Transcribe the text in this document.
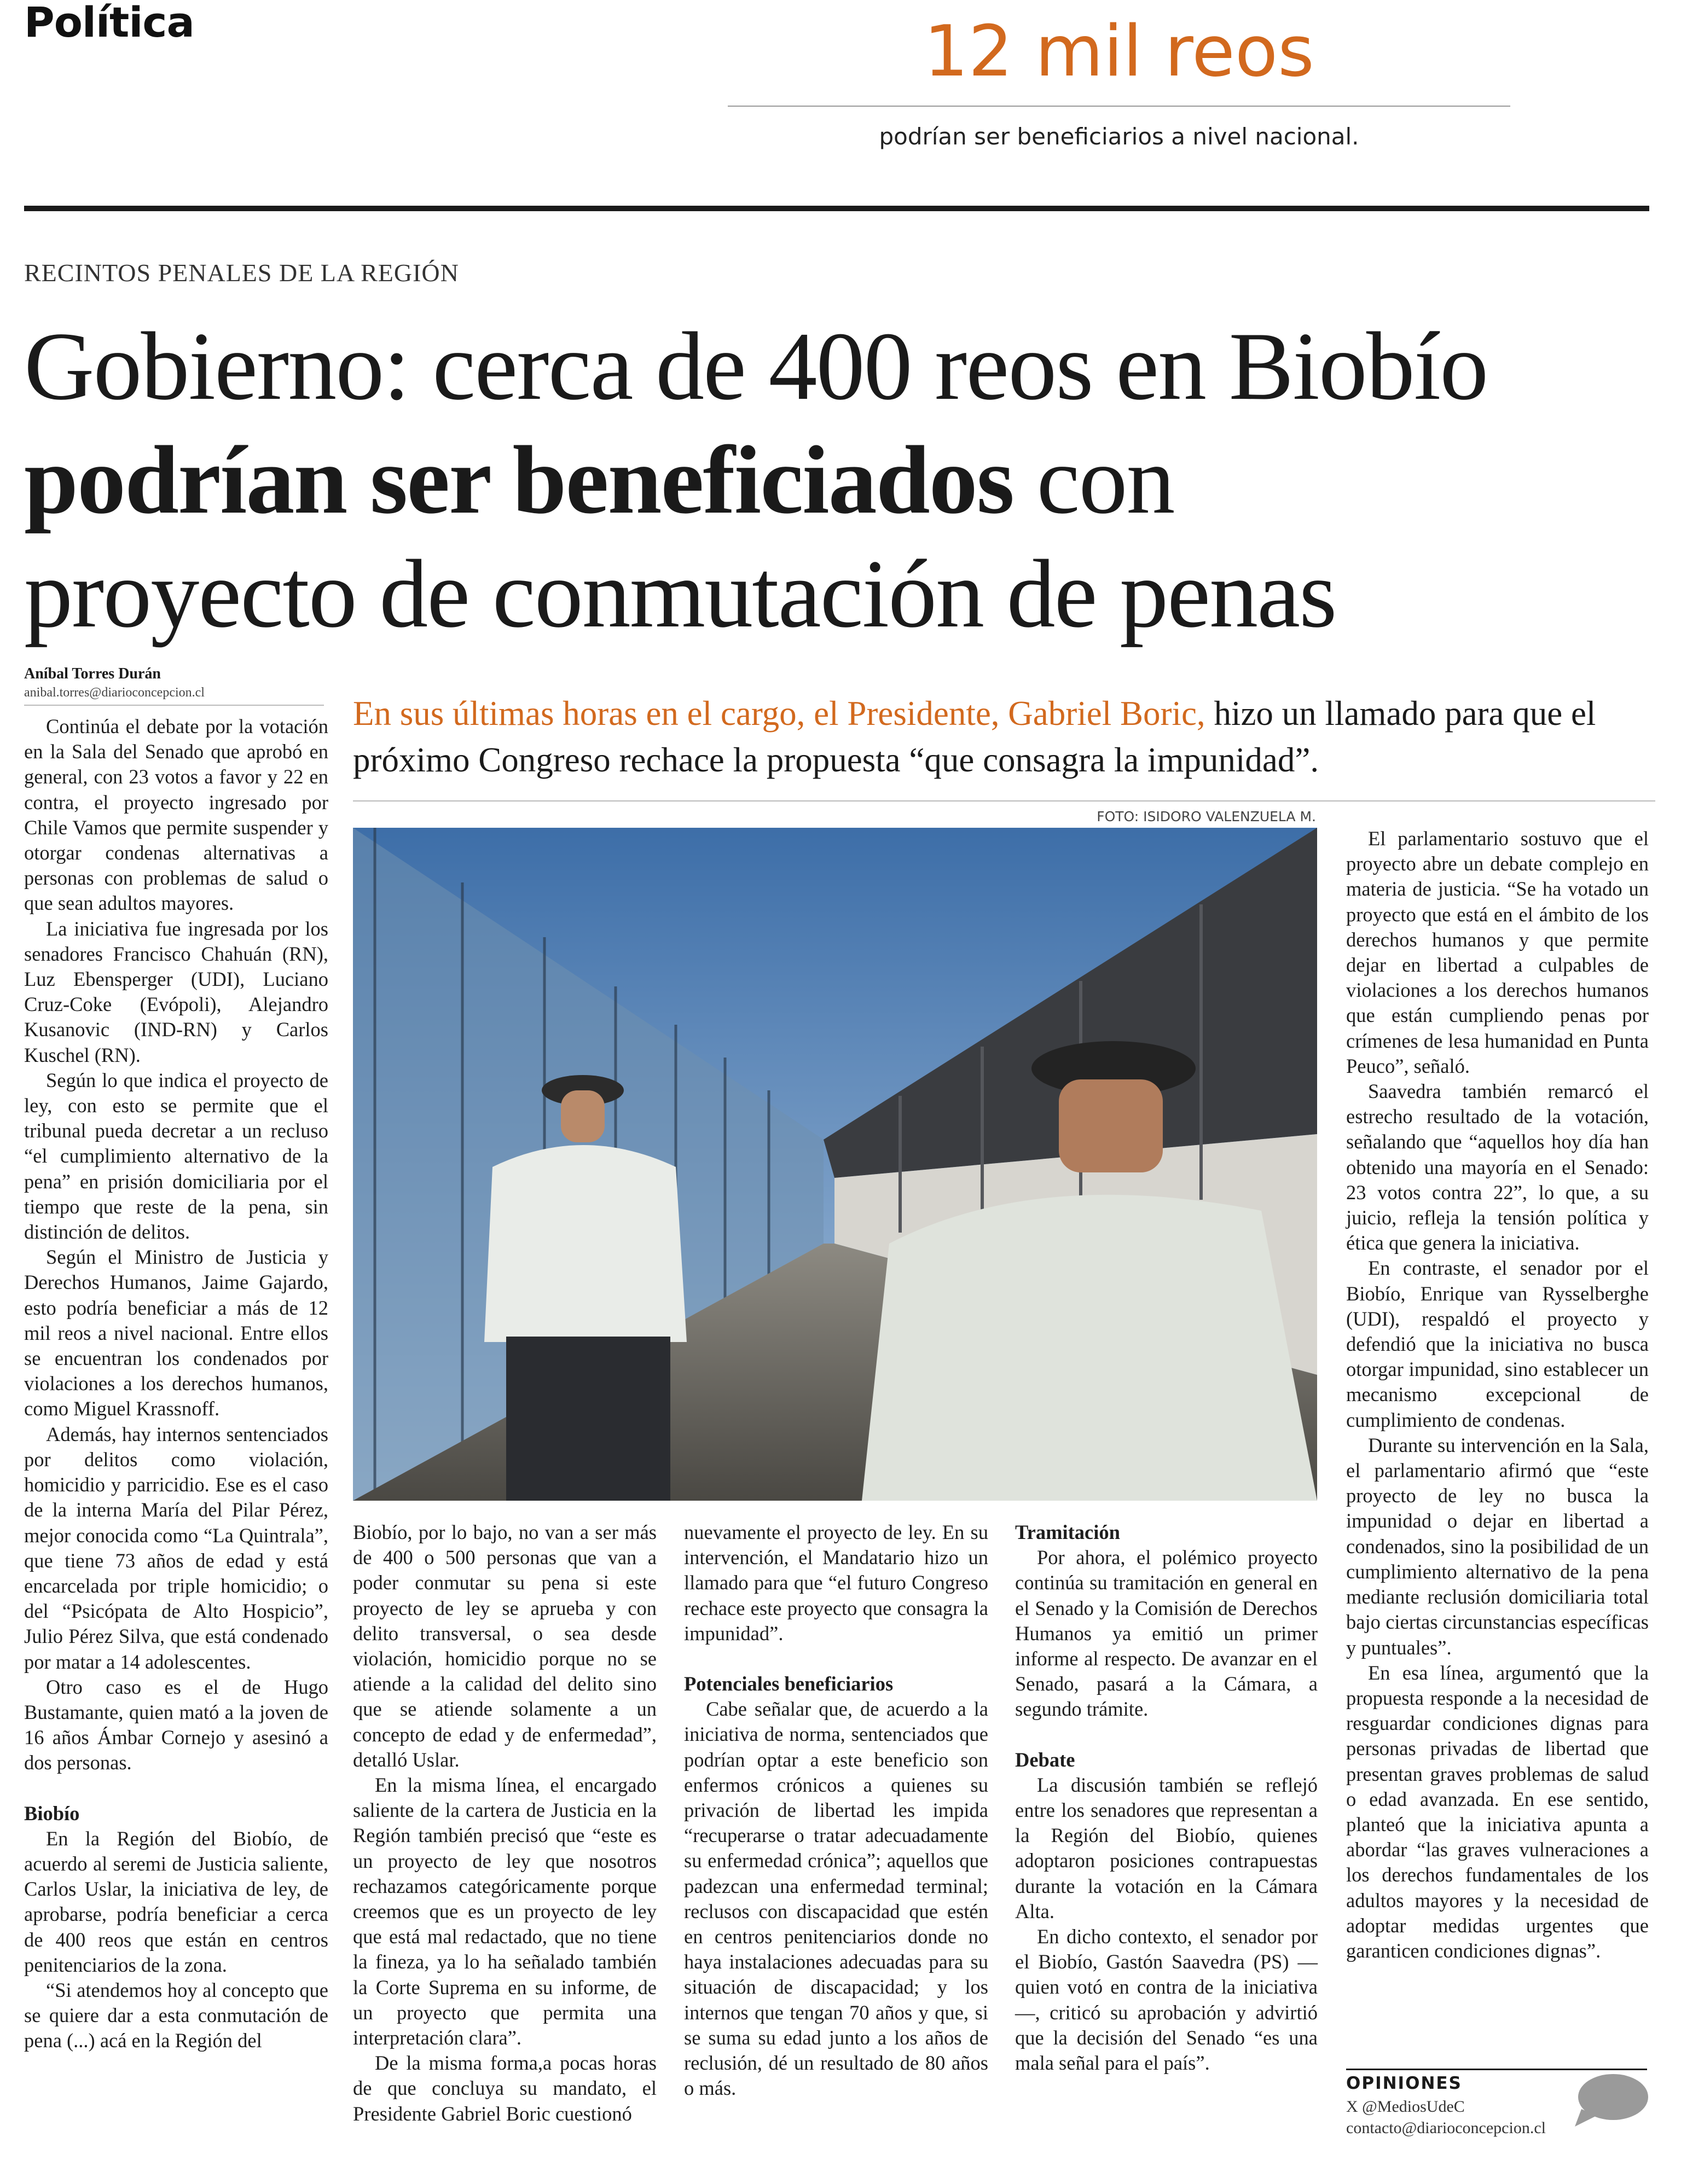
Política	12 mil reos
podrían ser beneficiarios a nivel nacional.
RECINTOS PENALES DE LA REGIÓN
Gobierno: cerca de 400 reos en Biobío
podrían ser beneficiados con
proyecto de conmutación de penas
Aníbal Torres Durán
anibal.torres@diarioconcepcion.cl
En sus últimas horas en el cargo, el Presidente, Gabriel Boric, hizo un llamado para que el próximo Congreso rechace la propuesta “que consagra la impunidad”.
FOTO: ISIDORO VALENZUELA M.

Continúa el debate por la votación en la Sala del Senado que aprobó en general, con 23 votos a favor y 22 en contra, el proyecto ingresado por Chile Vamos que permite suspender y otorgar condenas alternativas a personas con problemas de salud o que sean adultos mayores.

La iniciativa fue ingresada por los senadores Francisco Chahuán (RN), Luz Ebensperger (UDI), Luciano Cruz-Coke (Evópoli), Alejandro Kusanovic (IND-RN) y Carlos Kuschel (RN).

Según lo que indica el proyecto de ley, con esto se permite que el tribunal pueda decretar a un recluso “el cumplimiento alternativo de la pena” en prisión domiciliaria por el tiempo que reste de la pena, sin distinción de delitos.

Según el Ministro de Justicia y Derechos Humanos, Jaime Gajardo, esto podría beneficiar a más de 12 mil reos a nivel nacional. Entre ellos se encuentran los condenados por violaciones a los derechos humanos, como Miguel Krassnoff.

Además, hay internos sentenciados por delitos como violación, homicidio y parricidio. Ese es el caso de la interna María del Pilar Pérez, mejor conocida como “La Quintrala”, que tiene 73 años de edad y está encarcelada por triple homicidio; o del “Psicópata de Alto Hospicio”, Julio Pérez Silva, que está condenado por matar a 14 adolescentes.

Otro caso es el de Hugo Bustamante, quien mató a la joven de 16 años Ámbar Cornejo y asesinó a dos personas.

Biobío

En la Región del Biobío, de acuerdo al seremi de Justicia saliente, Carlos Uslar, la iniciativa de ley, de aprobarse, podría beneficiar a cerca de 400 reos que están en centros penitenciarios de la zona.

“Si atendemos hoy al concepto que se quiere dar a esta conmutación de pena (...) acá en la Región del

Biobío, por lo bajo, no van a ser más de 400 o 500 personas que van a poder conmutar su pena si este proyecto de ley se aprueba y con delito transversal, o sea desde violación, homicidio porque no se atiende a la calidad del delito sino que se atiende solamente a un concepto de edad y de enfermedad”, detalló Uslar.

En la misma línea, el encargado saliente de la cartera de Justicia en la Región también precisó que “este es un proyecto de ley que nosotros rechazamos categóricamente porque creemos que es un proyecto de ley que está mal redactado, que no tiene la fineza, ya lo ha señalado también la Corte Suprema en su informe, de un proyecto que permita una interpretación clara”.

De la misma forma,a pocas horas de que concluya su mandato, el Presidente Gabriel Boric cuestionó

nuevamente el proyecto de ley. En su intervención, el Mandatario hizo un llamado para que “el futuro Congreso rechace este proyecto que consagra la impunidad”.

Potenciales beneficiarios

Cabe señalar que, de acuerdo a la iniciativa de norma, sentenciados que podrían optar a este beneficio son enfermos crónicos a quienes su privación de libertad les impida “recuperarse o tratar adecuadamente su enfermedad crónica”; aquellos que padezcan una enfermedad terminal; reclusos con discapacidad que estén en centros penitenciarios donde no haya instalaciones adecuadas para su situación de discapacidad; y los internos que tengan 70 años y que, si se suma su edad junto a los años de reclusión, dé un resultado de 80 años o más.

Tramitación

Por ahora, el polémico proyecto continúa su tramitación en general en el Senado y la Comisión de Derechos Humanos ya emitió un primer informe al respecto. De avanzar en el Senado, pasará a la Cámara, a segundo trámite.

Debate

La discusión también se reflejó entre los senadores que representan a la Región del Biobío, quienes adoptaron posiciones contrapuestas durante la votación en la Cámara Alta.

En dicho contexto, el senador por el Biobío, Gastón Saavedra (PS) —quien votó en contra de la iniciativa—, criticó su aprobación y advirtió que la decisión del Senado “es una mala señal para el país”.

El parlamentario sostuvo que el proyecto abre un debate complejo en materia de justicia. “Se ha votado un proyecto que está en el ámbito de los derechos humanos y que permite dejar en libertad a culpables de violaciones a los derechos humanos que están cumpliendo penas por crímenes de lesa humanidad en Punta Peuco”, señaló.

Saavedra también remarcó el estrecho resultado de la votación, señalando que “aquellos hoy día han obtenido una mayoría en el Senado: 23 votos contra 22”, lo que, a su juicio, refleja la tensión política y ética que genera la iniciativa.

En contraste, el senador por el Biobío, Enrique van Rysselberghe (UDI), respaldó el proyecto y defendió que la iniciativa no busca otorgar impunidad, sino establecer un mecanismo excepcional de cumplimiento de condenas.

Durante su intervención en la Sala, el parlamentario afirmó que “este proyecto de ley no busca la impunidad o dejar en libertad a condenados, sino la posibilidad de un cumplimiento alternativo de la pena mediante reclusión domiciliaria total bajo ciertas circunstancias específicas y puntuales”.

En esa línea, argumentó que la propuesta responde a la necesidad de resguardar condiciones dignas para personas privadas de libertad que presentan graves problemas de salud o edad avanzada. En ese sentido, planteó que la iniciativa apunta a abordar “las graves vulneraciones a los derechos fundamentales de los adultos mayores y la necesidad de adoptar medidas urgentes que garanticen condiciones dignas”.

OPINIONES
X @MediosUdeC
contacto@diarioconcepcion.cl
